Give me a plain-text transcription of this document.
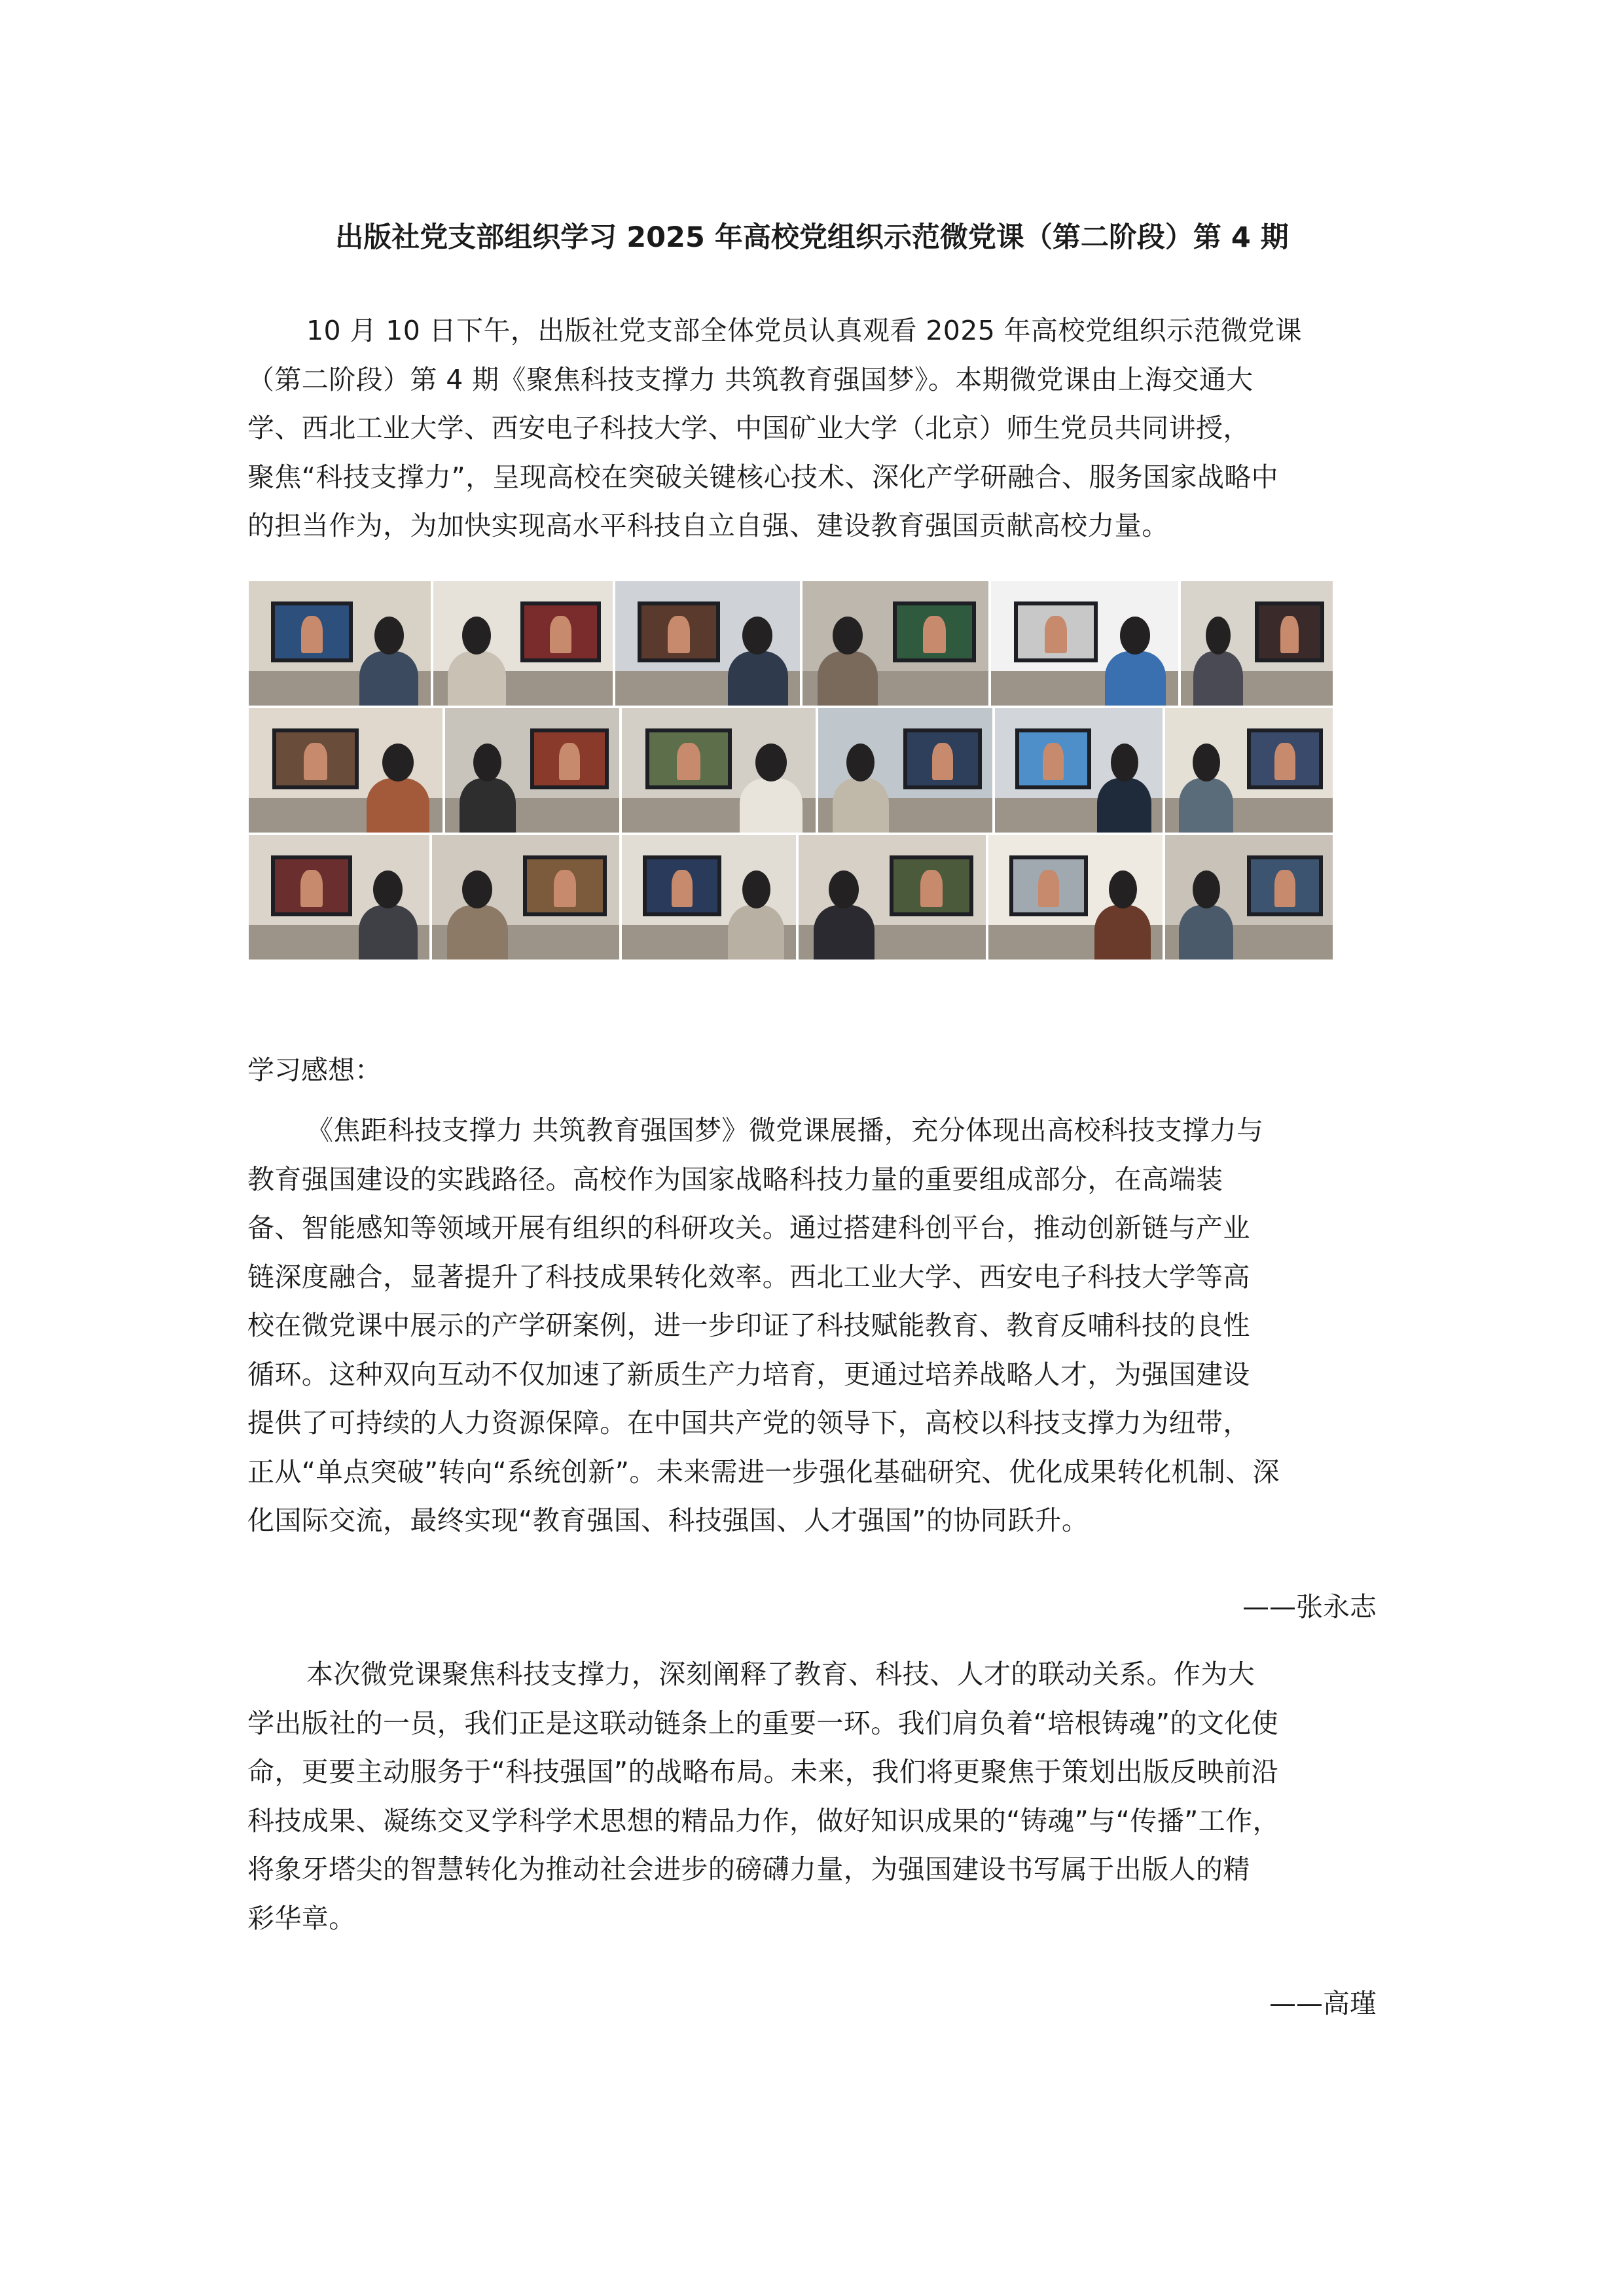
出版社党支部组织学习 2025 年高校党组织示范微党课（第二阶段）第 4 期
10 月 10 日下午，出版社党支部全体党员认真观看 2025 年高校党组织示范微党课
（第二阶段）第 4 期《聚焦科技支撑力 共筑教育强国梦》。本期微党课由上海交通大
学、西北工业大学、西安电子科技大学、中国矿业大学（北京）师生党员共同讲授，
聚焦“科技支撑力”，呈现高校在突破关键核心技术、深化产学研融合、服务国家战略中
的担当作为，为加快实现高水平科技自立自强、建设教育强国贡献高校力量。
学习感想：
《焦距科技支撑力 共筑教育强国梦》微党课展播，充分体现出高校科技支撑力与
教育强国建设的实践路径。高校作为国家战略科技力量的重要组成部分，在高端装
备、智能感知等领域开展有组织的科研攻关。通过搭建科创平台，推动创新链与产业
链深度融合，显著提升了科技成果转化效率。西北工业大学、西安电子科技大学等高
校在微党课中展示的产学研案例，进一步印证了科技赋能教育、教育反哺科技的良性
循环。这种双向互动不仅加速了新质生产力培育，更通过培养战略人才，为强国建设
提供了可持续的人力资源保障。在中国共产党的领导下，高校以科技支撑力为纽带，
正从“单点突破”转向“系统创新”。未来需进一步强化基础研究、优化成果转化机制、深
化国际交流，最终实现“教育强国、科技强国、人才强国”的协同跃升。
——张永志
本次微党课聚焦科技支撑力，深刻阐释了教育、科技、人才的联动关系。作为大
学出版社的一员，我们正是这联动链条上的重要一环。我们肩负着“培根铸魂”的文化使
命，更要主动服务于“科技强国”的战略布局。未来，我们将更聚焦于策划出版反映前沿
科技成果、凝练交叉学科学术思想的精品力作，做好知识成果的“铸魂”与“传播”工作，
将象牙塔尖的智慧转化为推动社会进步的磅礴力量，为强国建设书写属于出版人的精
彩华章。
——高瑾
